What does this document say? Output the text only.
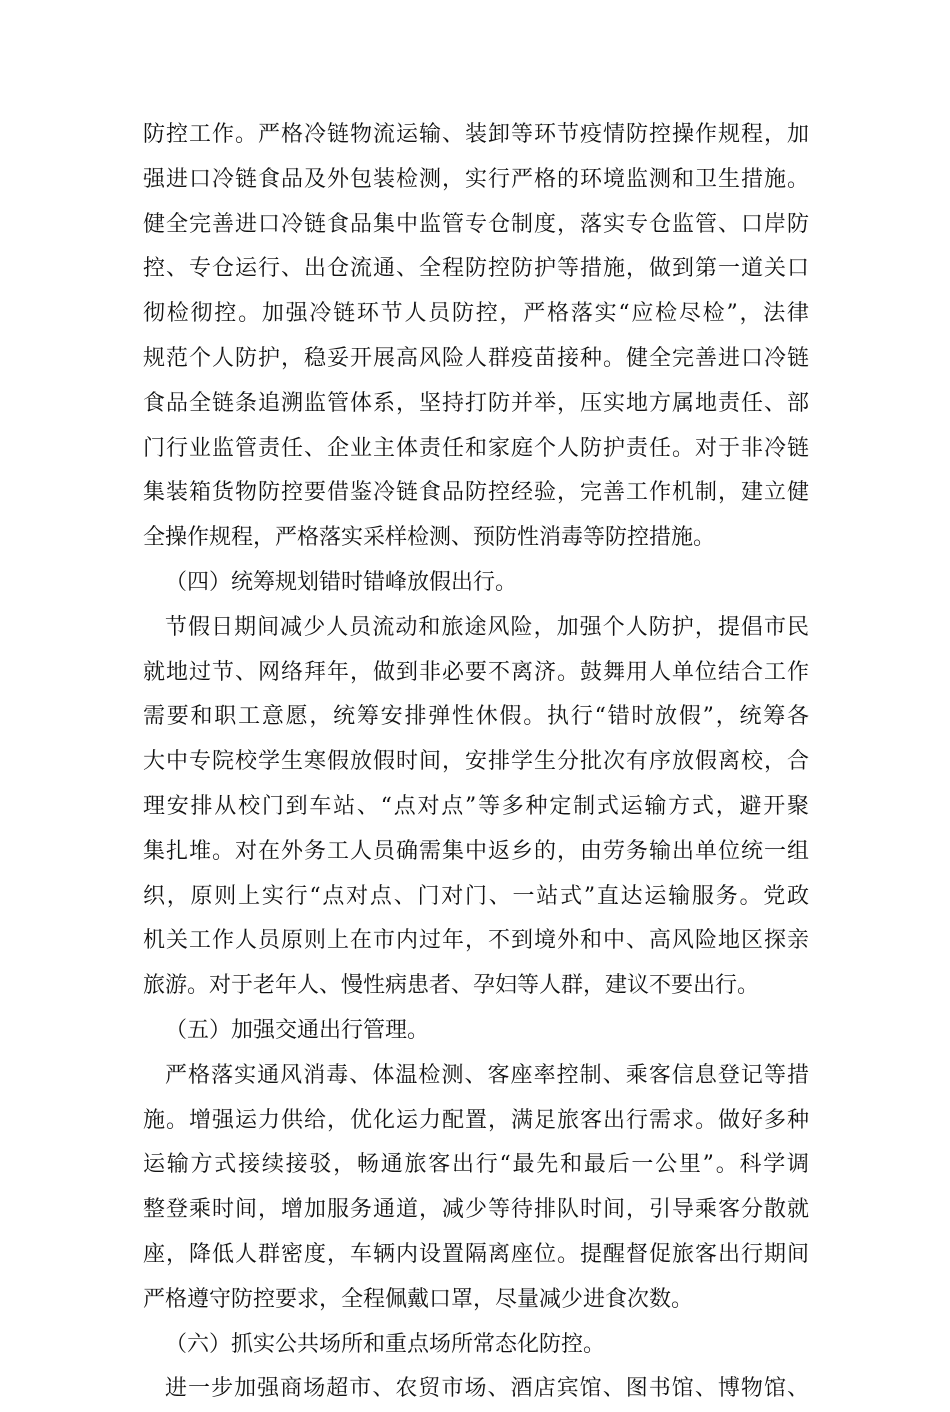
防控工作。严格冷链物流运输、装卸等环节疫情防控操作规程，加
强进口冷链食品及外包装检测，实行严格的环境监测和卫生措施。
健全完善进口冷链食品集中监管专仓制度，落实专仓监管、口岸防
控、专仓运行、出仓流通、全程防控防护等措施，做到第一道关口
彻检彻控。加强冷链环节人员防控，严格落实“应检尽检”，法律
规范个人防护，稳妥开展高风险人群疫苗接种。健全完善进口冷链
食品全链条追溯监管体系，坚持打防并举，压实地方属地责任、部
门行业监管责任、企业主体责任和家庭个人防护责任。对于非冷链
集装箱货物防控要借鉴冷链食品防控经验，完善工作机制，建立健
全操作规程，严格落实采样检测、预防性消毒等防控措施。
（四）统筹规划错时错峰放假出行。
节假日期间减少人员流动和旅途风险，加强个人防护，提倡市民
就地过节、网络拜年，做到非必要不离济。鼓舞用人单位结合工作
需要和职工意愿，统筹安排弹性休假。执行“错时放假”，统筹各
大中专院校学生寒假放假时间，安排学生分批次有序放假离校，合
理安排从校门到车站、“点对点”等多种定制式运输方式，避开聚
集扎堆。对在外务工人员确需集中返乡的，由劳务输出单位统一组
织，原则上实行“点对点、门对门、一站式”直达运输服务。党政
机关工作人员原则上在市内过年，不到境外和中、高风险地区探亲
旅游。对于老年人、慢性病患者、孕妇等人群，建议不要出行。
（五）加强交通出行管理。
严格落实通风消毒、体温检测、客座率控制、乘客信息登记等措
施。增强运力供给，优化运力配置，满足旅客出行需求。做好多种
运输方式接续接驳，畅通旅客出行“最先和最后一公里”。科学调
整登乘时间，增加服务通道，减少等待排队时间，引导乘客分散就
座，降低人群密度，车辆内设置隔离座位。提醒督促旅客出行期间
严格遵守防控要求，全程佩戴口罩，尽量减少进食次数。
（六）抓实公共场所和重点场所常态化防控。
进一步加强商场超市、农贸市场、酒店宾馆、图书馆、博物馆、
